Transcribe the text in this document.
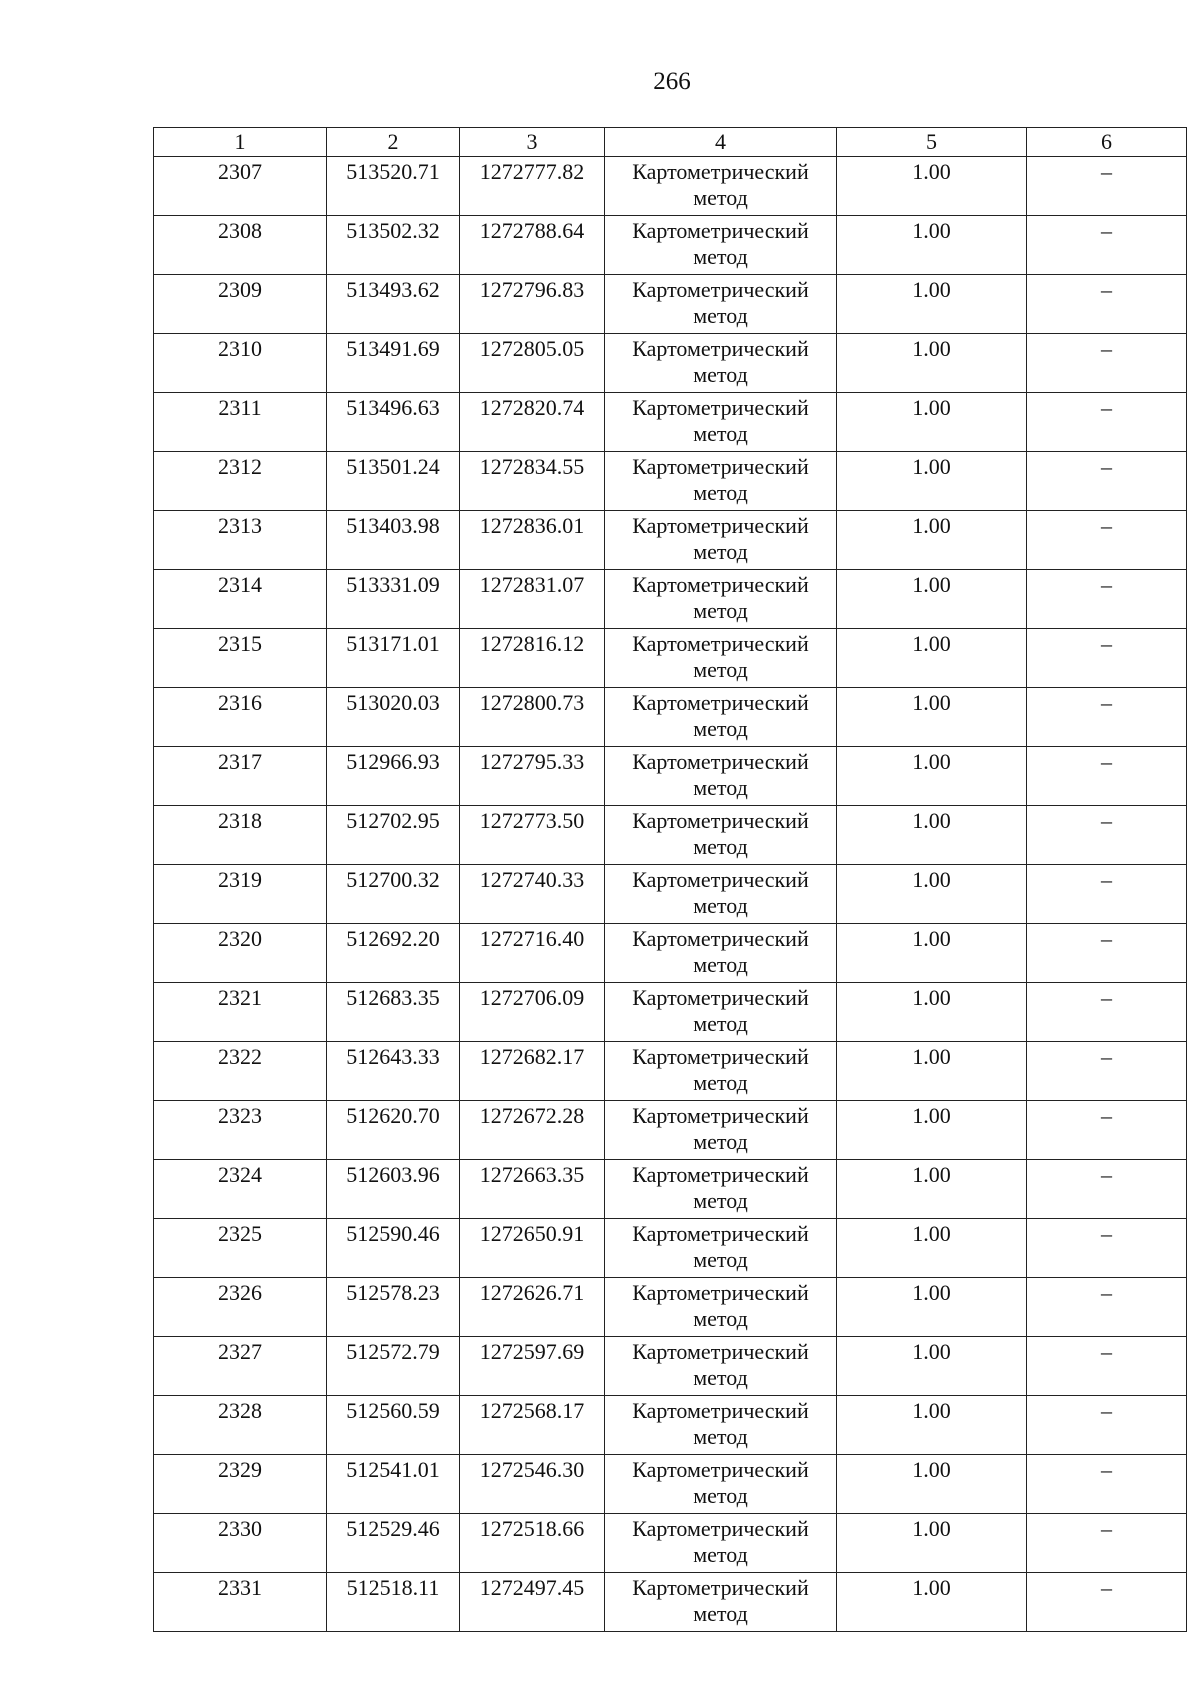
266
1	2	3	4	5	6
2307	513520.71	1272777.82	Картометрический метод	1.00	–
2308	513502.32	1272788.64	Картометрический метод	1.00	–
2309	513493.62	1272796.83	Картометрический метод	1.00	–
2310	513491.69	1272805.05	Картометрический метод	1.00	–
2311	513496.63	1272820.74	Картометрический метод	1.00	–
2312	513501.24	1272834.55	Картометрический метод	1.00	–
2313	513403.98	1272836.01	Картометрический метод	1.00	–
2314	513331.09	1272831.07	Картометрический метод	1.00	–
2315	513171.01	1272816.12	Картометрический метод	1.00	–
2316	513020.03	1272800.73	Картометрический метод	1.00	–
2317	512966.93	1272795.33	Картометрический метод	1.00	–
2318	512702.95	1272773.50	Картометрический метод	1.00	–
2319	512700.32	1272740.33	Картометрический метод	1.00	–
2320	512692.20	1272716.40	Картометрический метод	1.00	–
2321	512683.35	1272706.09	Картометрический метод	1.00	–
2322	512643.33	1272682.17	Картометрический метод	1.00	–
2323	512620.70	1272672.28	Картометрический метод	1.00	–
2324	512603.96	1272663.35	Картометрический метод	1.00	–
2325	512590.46	1272650.91	Картометрический метод	1.00	–
2326	512578.23	1272626.71	Картометрический метод	1.00	–
2327	512572.79	1272597.69	Картометрический метод	1.00	–
2328	512560.59	1272568.17	Картометрический метод	1.00	–
2329	512541.01	1272546.30	Картометрический метод	1.00	–
2330	512529.46	1272518.66	Картометрический метод	1.00	–
2331	512518.11	1272497.45	Картометрический метод	1.00	–
